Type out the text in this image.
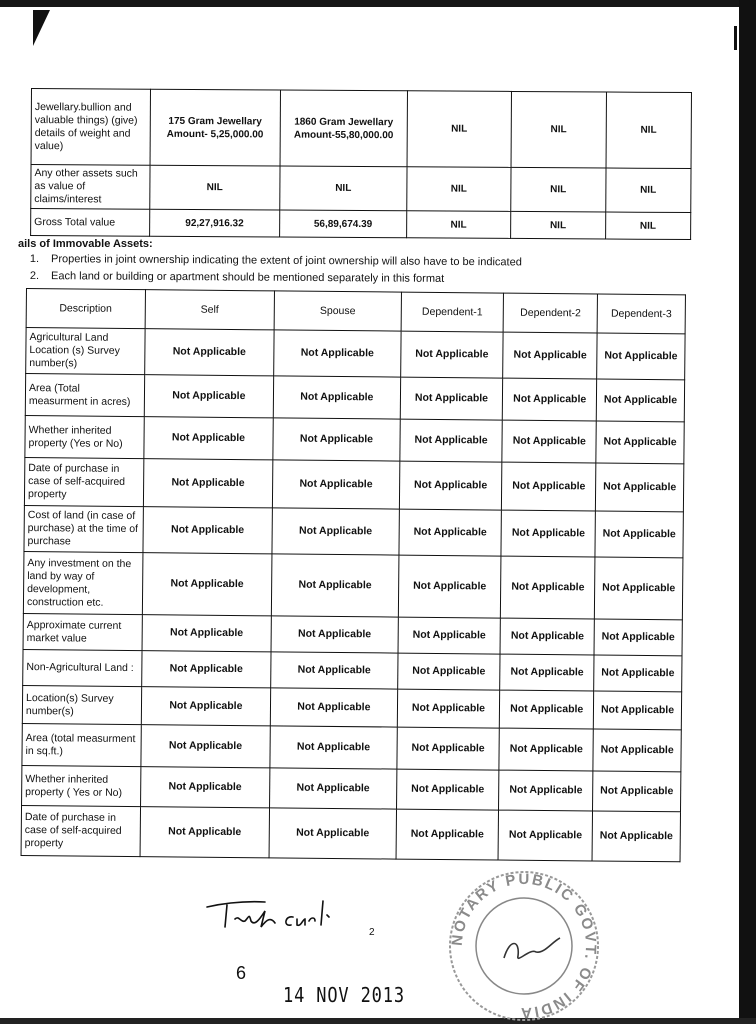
Jewellary.bullion and valuable things) (give) details of weight and value)	175 Gram Jewellary Amount- 5,25,000.00	1860 Gram Jewellary Amount-55,80,000.00	NIL	NIL	NIL
Any other assets such as value of claims/interest	NIL	NIL	NIL	NIL	NIL
Gross Total value	92,27,916.32	56,89,674.39	NIL	NIL	NIL
ails of Immovable Assets:
1. Properties in joint ownership indicating the extent of joint ownership will also have to be indicated
2. Each land or building or apartment should be mentioned separately in this format
Description	Self	Spouse	Dependent-1	Dependent-2	Dependent-3
Agricultural Land Location (s) Survey number(s)	Not Applicable	Not Applicable	Not Applicable	Not Applicable	Not Applicable
Area (Total measurment in acres)	Not Applicable	Not Applicable	Not Applicable	Not Applicable	Not Applicable
Whether inherited property (Yes or No)	Not Applicable	Not Applicable	Not Applicable	Not Applicable	Not Applicable
Date of purchase in case of self-acquired property	Not Applicable	Not Applicable	Not Applicable	Not Applicable	Not Applicable
Cost of land (in case of purchase) at the time of purchase	Not Applicable	Not Applicable	Not Applicable	Not Applicable	Not Applicable
Any investment on the land by way of development, construction etc.	Not Applicable	Not Applicable	Not Applicable	Not Applicable	Not Applicable
Approximate current market value	Not Applicable	Not Applicable	Not Applicable	Not Applicable	Not Applicable
Non-Agricultural Land :	Not Applicable	Not Applicable	Not Applicable	Not Applicable	Not Applicable
Location(s) Survey number(s)	Not Applicable	Not Applicable	Not Applicable	Not Applicable	Not Applicable
Area (total measurment in sq.ft.)	Not Applicable	Not Applicable	Not Applicable	Not Applicable	Not Applicable
Whether inherited property ( Yes or No)	Not Applicable	Not Applicable	Not Applicable	Not Applicable	Not Applicable
Date of purchase in case of self-acquired property	Not Applicable	Not Applicable	Not Applicable	Not Applicable	Not Applicable
2
6
14 NOV 2013
NOTARY PUBLIC GOVT. OF INDIA
